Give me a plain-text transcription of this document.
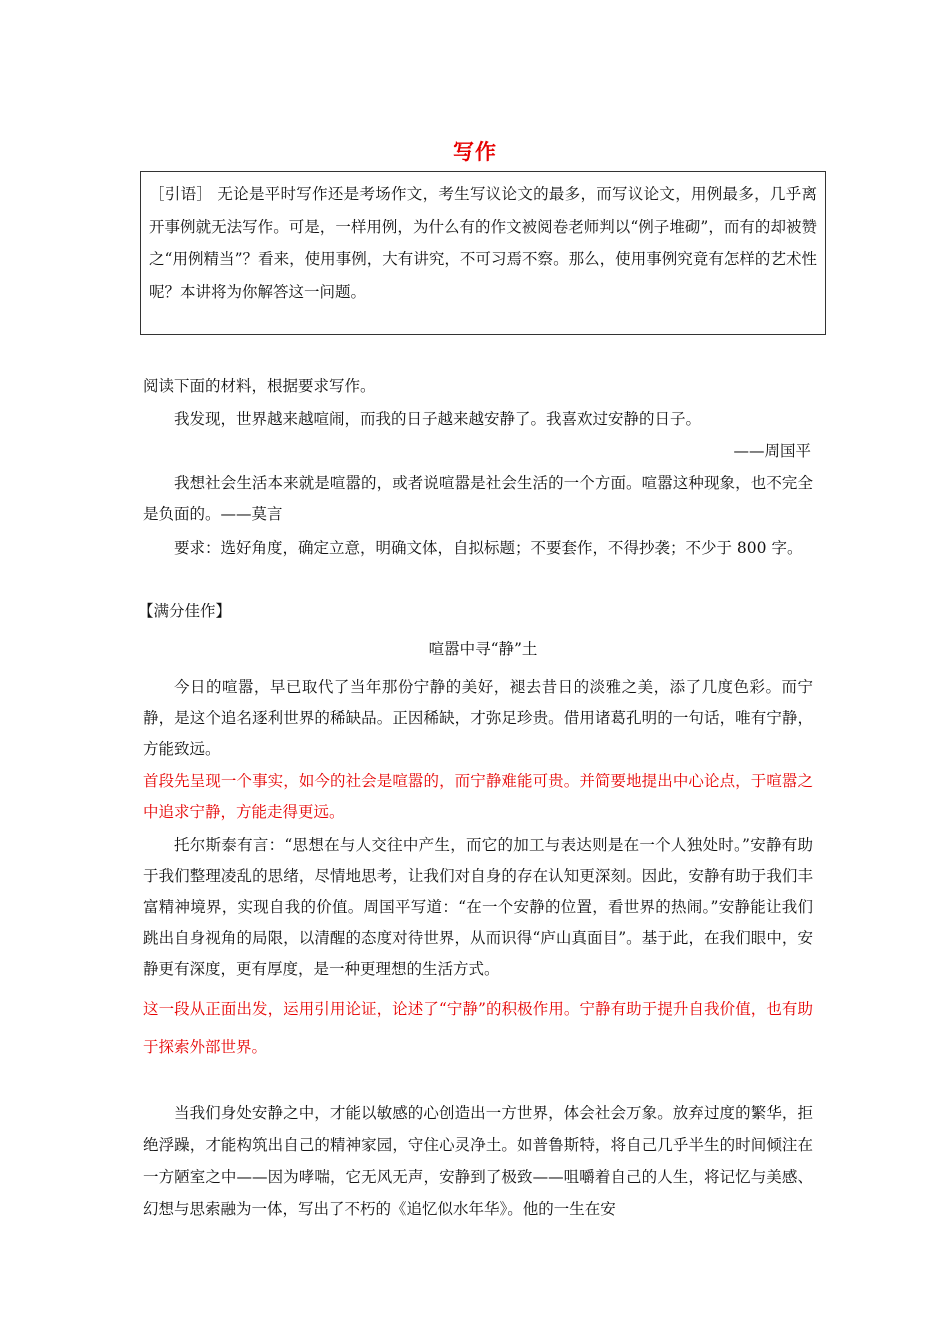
写作
［引语］ 无论是平时写作还是考场作文，考生写议论文的最多，而写议论文，用例最多，几乎离开事例就无法写作。可是，一样用例，为什么有的作文被阅卷老师判以“例子堆砌”，而有的却被赞之“用例精当”？看来，使用事例，大有讲究，不可习焉不察。那么，使用事例究竟有怎样的艺术性呢？本讲将为你解答这一问题。
阅读下面的材料，根据要求写作。
我发现，世界越来越喧闹，而我的日子越来越安静了。我喜欢过安静的日子。
——周国平
我想社会生活本来就是喧嚣的，或者说喧嚣是社会生活的一个方面。喧嚣这种现象，也不完全是负面的。——莫言
要求：选好角度，确定立意，明确文体，自拟标题；不要套作，不得抄袭；不少于 800 字。
【满分佳作】
喧嚣中寻“静”土
今日的喧嚣，早已取代了当年那份宁静的美好，褪去昔日的淡雅之美，添了几度色彩。而宁静，是这个追名逐利世界的稀缺品。正因稀缺，才弥足珍贵。借用诸葛孔明的一句话，唯有宁静，方能致远。
首段先呈现一个事实，如今的社会是喧嚣的，而宁静难能可贵。并简要地提出中心论点，于喧嚣之中追求宁静，方能走得更远。
托尔斯泰有言：“思想在与人交往中产生，而它的加工与表达则是在一个人独处时。”安静有助于我们整理凌乱的思绪，尽情地思考，让我们对自身的存在认知更深刻。因此，安静有助于我们丰富精神境界，实现自我的价值。周国平写道：“在一个安静的位置，看世界的热闹。”安静能让我们跳出自身视角的局限，以清醒的态度对待世界，从而识得“庐山真面目”。基于此，在我们眼中，安静更有深度，更有厚度，是一种更理想的生活方式。
这一段从正面出发，运用引用论证，论述了“宁静”的积极作用。宁静有助于提升自我价值，也有助于探索外部世界。
当我们身处安静之中，才能以敏感的心创造出一方世界，体会社会万象。放弃过度的繁华，拒绝浮躁，才能构筑出自己的精神家园，守住心灵净土。如普鲁斯特，将自己几乎半生的时间倾注在一方陋室之中——因为哮喘，它无风无声，安静到了极致——咀嚼着自己的人生，将记忆与美感、幻想与思索融为一体，写出了不朽的《追忆似水年华》。他的一生在安
